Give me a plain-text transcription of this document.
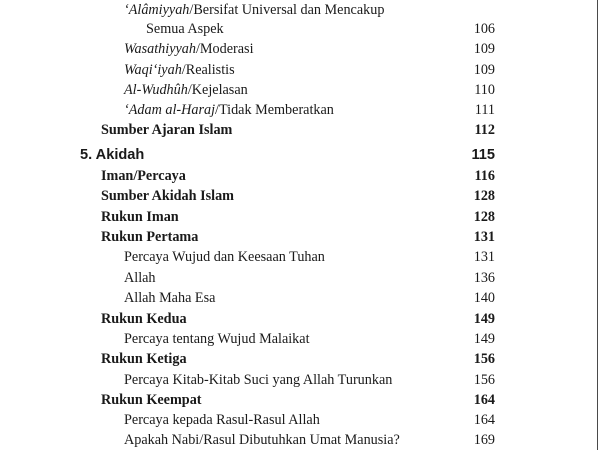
‘Alâmiyyah/Bersifat Universal dan Mencakup
Semua Aspek	106
Wasathiyyah/Moderasi	109
Waqi‘iyah/Realistis	109
Al-Wudhûh/Kejelasan	110
‘Adam al-Haraj/Tidak Memberatkan	111
Sumber Ajaran Islam	112
5. Akidah	115
Iman/Percaya	116
Sumber Akidah Islam	128
Rukun Iman	128
Rukun Pertama	131
Percaya Wujud dan Keesaan Tuhan	131
Allah	136
Allah Maha Esa	140
Rukun Kedua	149
Percaya tentang Wujud Malaikat	149
Rukun Ketiga	156
Percaya Kitab-Kitab Suci yang Allah Turunkan	156
Rukun Keempat	164
Percaya kepada Rasul-Rasul Allah	164
Apakah Nabi/Rasul Dibutuhkan Umat Manusia?	169
